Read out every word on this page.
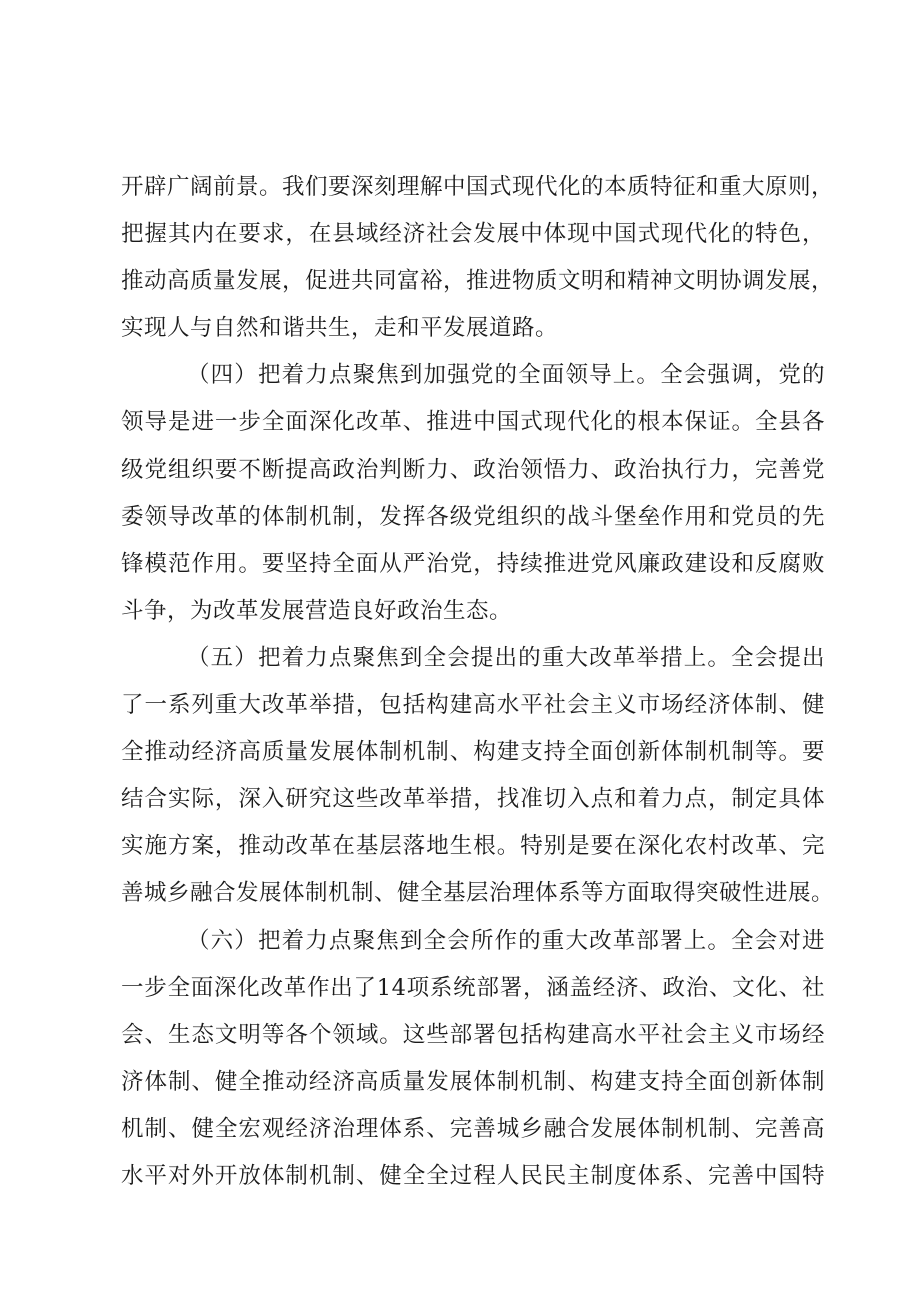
开辟广阔前景。我们要深刻理解中国式现代化的本质特征和重大原则，
把握其内在要求，在县域经济社会发展中体现中国式现代化的特色，
推动高质量发展，促进共同富裕，推进物质文明和精神文明协调发展，
实现人与自然和谐共生，走和平发展道路。
（四）把着力点聚焦到加强党的全面领导上。全会强调，党的
领导是进一步全面深化改革、推进中国式现代化的根本保证。全县各
级党组织要不断提高政治判断力、政治领悟力、政治执行力，完善党
委领导改革的体制机制，发挥各级党组织的战斗堡垒作用和党员的先
锋模范作用。要坚持全面从严治党，持续推进党风廉政建设和反腐败
斗争，为改革发展营造良好政治生态。
（五）把着力点聚焦到全会提出的重大改革举措上。全会提出
了一系列重大改革举措，包括构建高水平社会主义市场经济体制、健
全推动经济高质量发展体制机制、构建支持全面创新体制机制等。要
结合实际，深入研究这些改革举措，找准切入点和着力点，制定具体
实施方案，推动改革在基层落地生根。特别是要在深化农村改革、完
善城乡融合发展体制机制、健全基层治理体系等方面取得突破性进展。
（六）把着力点聚焦到全会所作的重大改革部署上。全会对进
一步全面深化改革作出了14项系统部署，涵盖经济、政治、文化、社
会、生态文明等各个领域。这些部署包括构建高水平社会主义市场经
济体制、健全推动经济高质量发展体制机制、构建支持全面创新体制
机制、健全宏观经济治理体系、完善城乡融合发展体制机制、完善高
水平对外开放体制机制、健全全过程人民民主制度体系、完善中国特
